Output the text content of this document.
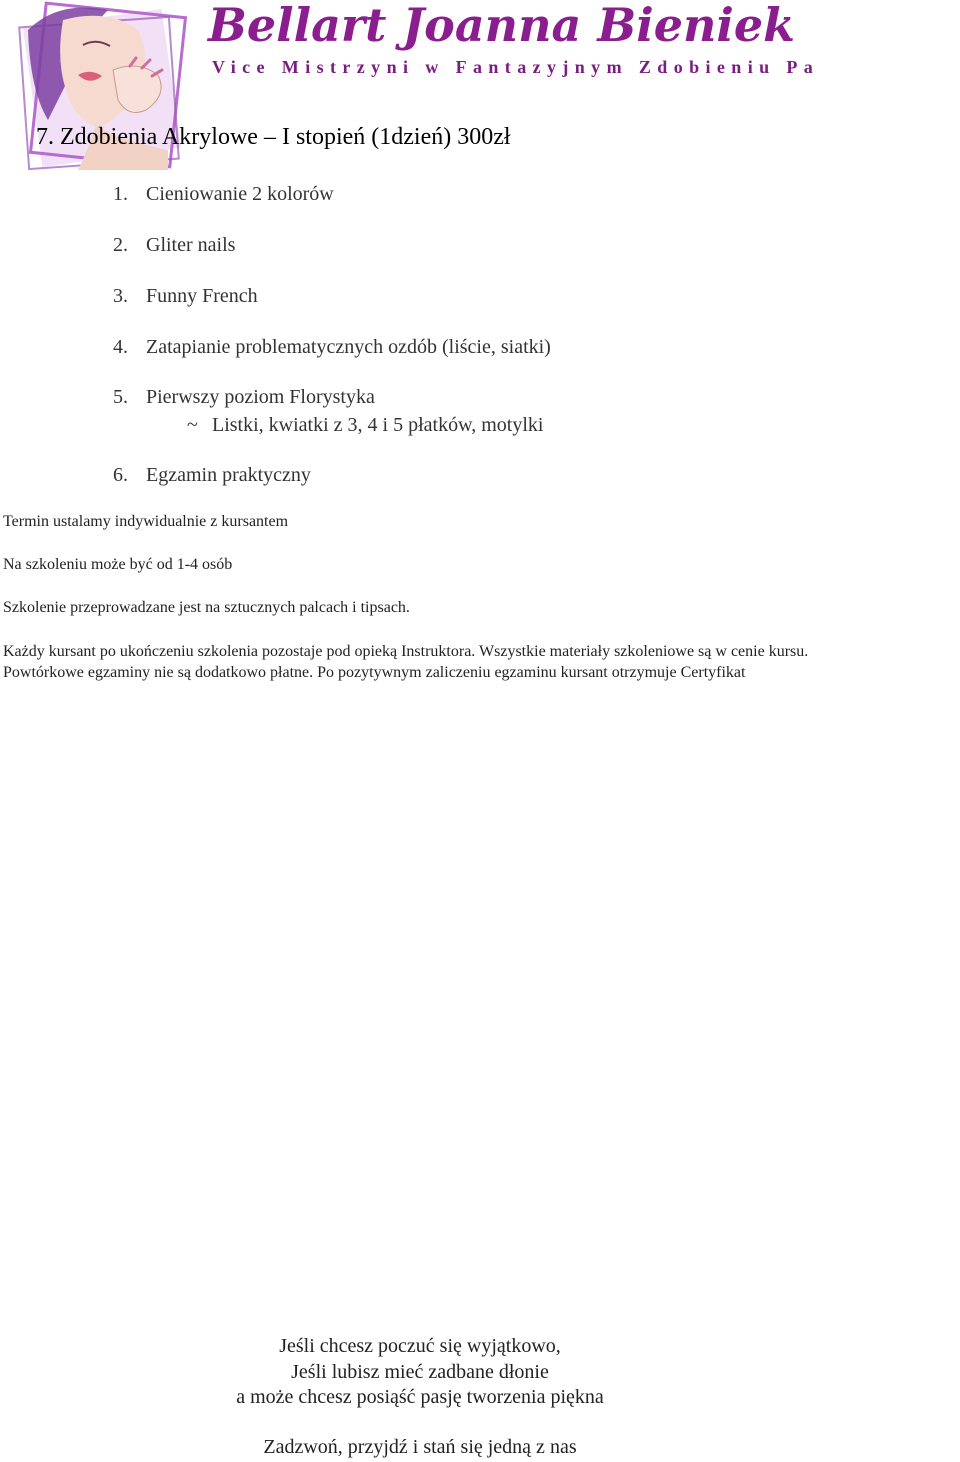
Bellart Joanna Bieniek
Vice Mistrzyni w Fantazyjnym Zdobieniu Pa
7. Zdobienia Akrylowe – I stopień (1dzień) 300zł
1. Cieniowanie 2 kolorów
2. Gliter nails
3. Funny French
4. Zatapianie problematycznych ozdób (liście, siatki)
5. Pierwszy poziom Florystyka
~ Listki, kwiatki z 3, 4 i 5 płatków, motylki
6. Egzamin praktyczny
Termin ustalamy indywidualnie z kursantem
Na szkoleniu może być od 1-4 osób
Szkolenie przeprowadzane jest na sztucznych palcach i tipsach.
Każdy kursant po ukończeniu szkolenia pozostaje pod opieką Instruktora. Wszystkie materiały szkoleniowe są w cenie kursu. Powtórkowe egzaminy nie są dodatkowo płatne. Po pozytywnym zaliczeniu egzaminu kursant otrzymuje Certyfikat
Jeśli chcesz poczuć się wyjątkowo,
Jeśli lubisz mieć zadbane dłonie
a może chcesz posiąść pasję tworzenia piękna
Zadzwoń, przyjdź i stań się jedną z nas
